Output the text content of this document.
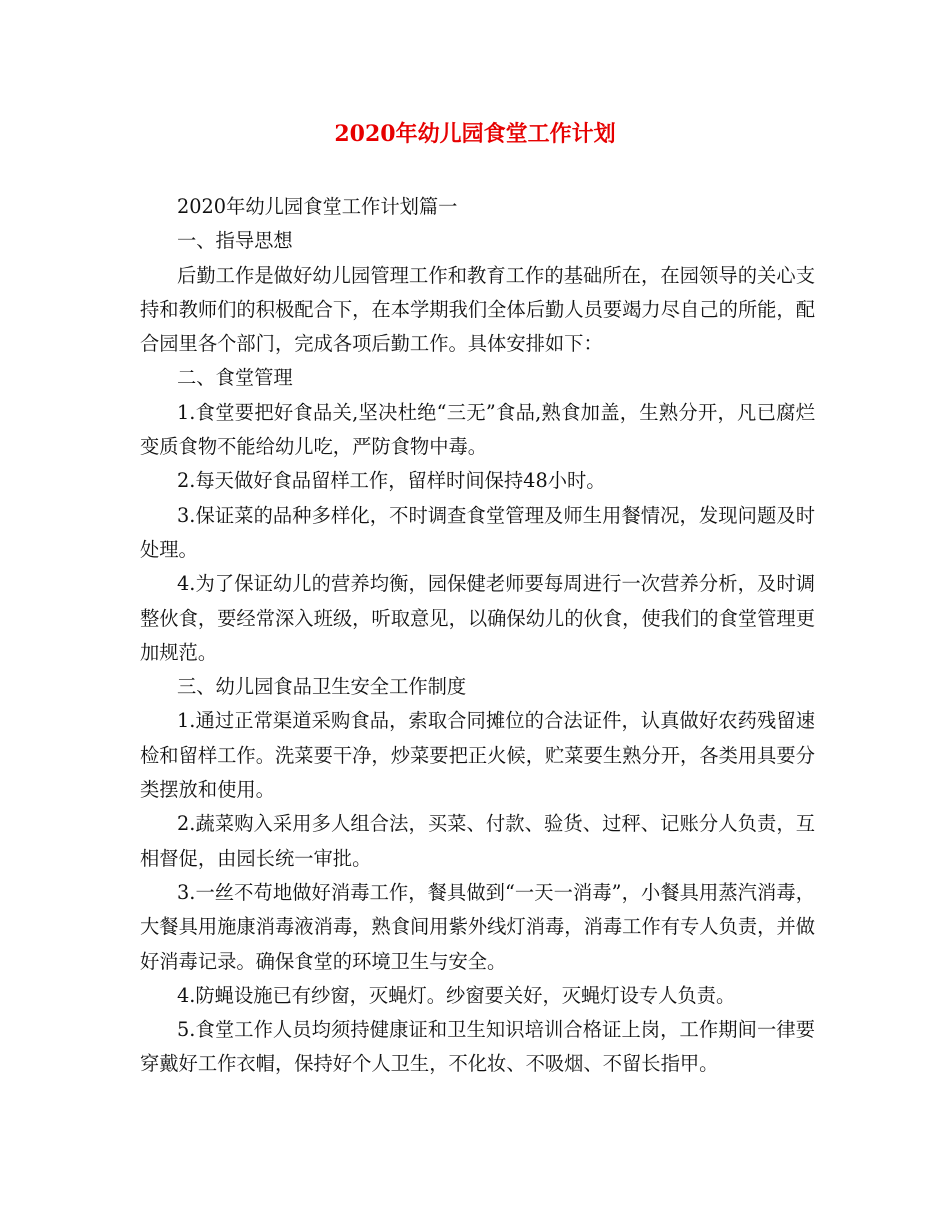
2020年幼儿园食堂工作计划

2020年幼儿园食堂工作计划篇一

一、指导思想

后勤工作是做好幼儿园管理工作和教育工作的基础所在，在园领导的关心支持和教师们的积极配合下，在本学期我们全体后勤人员要竭力尽自己的所能，配合园里各个部门，完成各项后勤工作。具体安排如下：

二、食堂管理

1.食堂要把好食品关,坚决杜绝“三无”食品,熟食加盖，生熟分开，凡已腐烂变质食物不能给幼儿吃，严防食物中毒。

2.每天做好食品留样工作，留样时间保持48小时。

3.保证菜的品种多样化，不时调查食堂管理及师生用餐情况，发现问题及时处理。

4.为了保证幼儿的营养均衡，园保健老师要每周进行一次营养分析，及时调整伙食，要经常深入班级，听取意见，以确保幼儿的伙食，使我们的食堂管理更加规范。

三、幼儿园食品卫生安全工作制度

1.通过正常渠道采购食品，索取合同摊位的合法证件，认真做好农药残留速检和留样工作。洗菜要干净，炒菜要把正火候，贮菜要生熟分开，各类用具要分类摆放和使用。

2.蔬菜购入采用多人组合法，买菜、付款、验货、过秤、记账分人负责，互相督促，由园长统一审批。

3.一丝不苟地做好消毒工作，餐具做到“一天一消毒”，小餐具用蒸汽消毒，大餐具用施康消毒液消毒，熟食间用紫外线灯消毒，消毒工作有专人负责，并做好消毒记录。确保食堂的环境卫生与安全。

4.防蝇设施已有纱窗，灭蝇灯。纱窗要关好，灭蝇灯设专人负责。

5.食堂工作人员均须持健康证和卫生知识培训合格证上岗，工作期间一律要穿戴好工作衣帽，保持好个人卫生，不化妆、不吸烟、不留长指甲。
